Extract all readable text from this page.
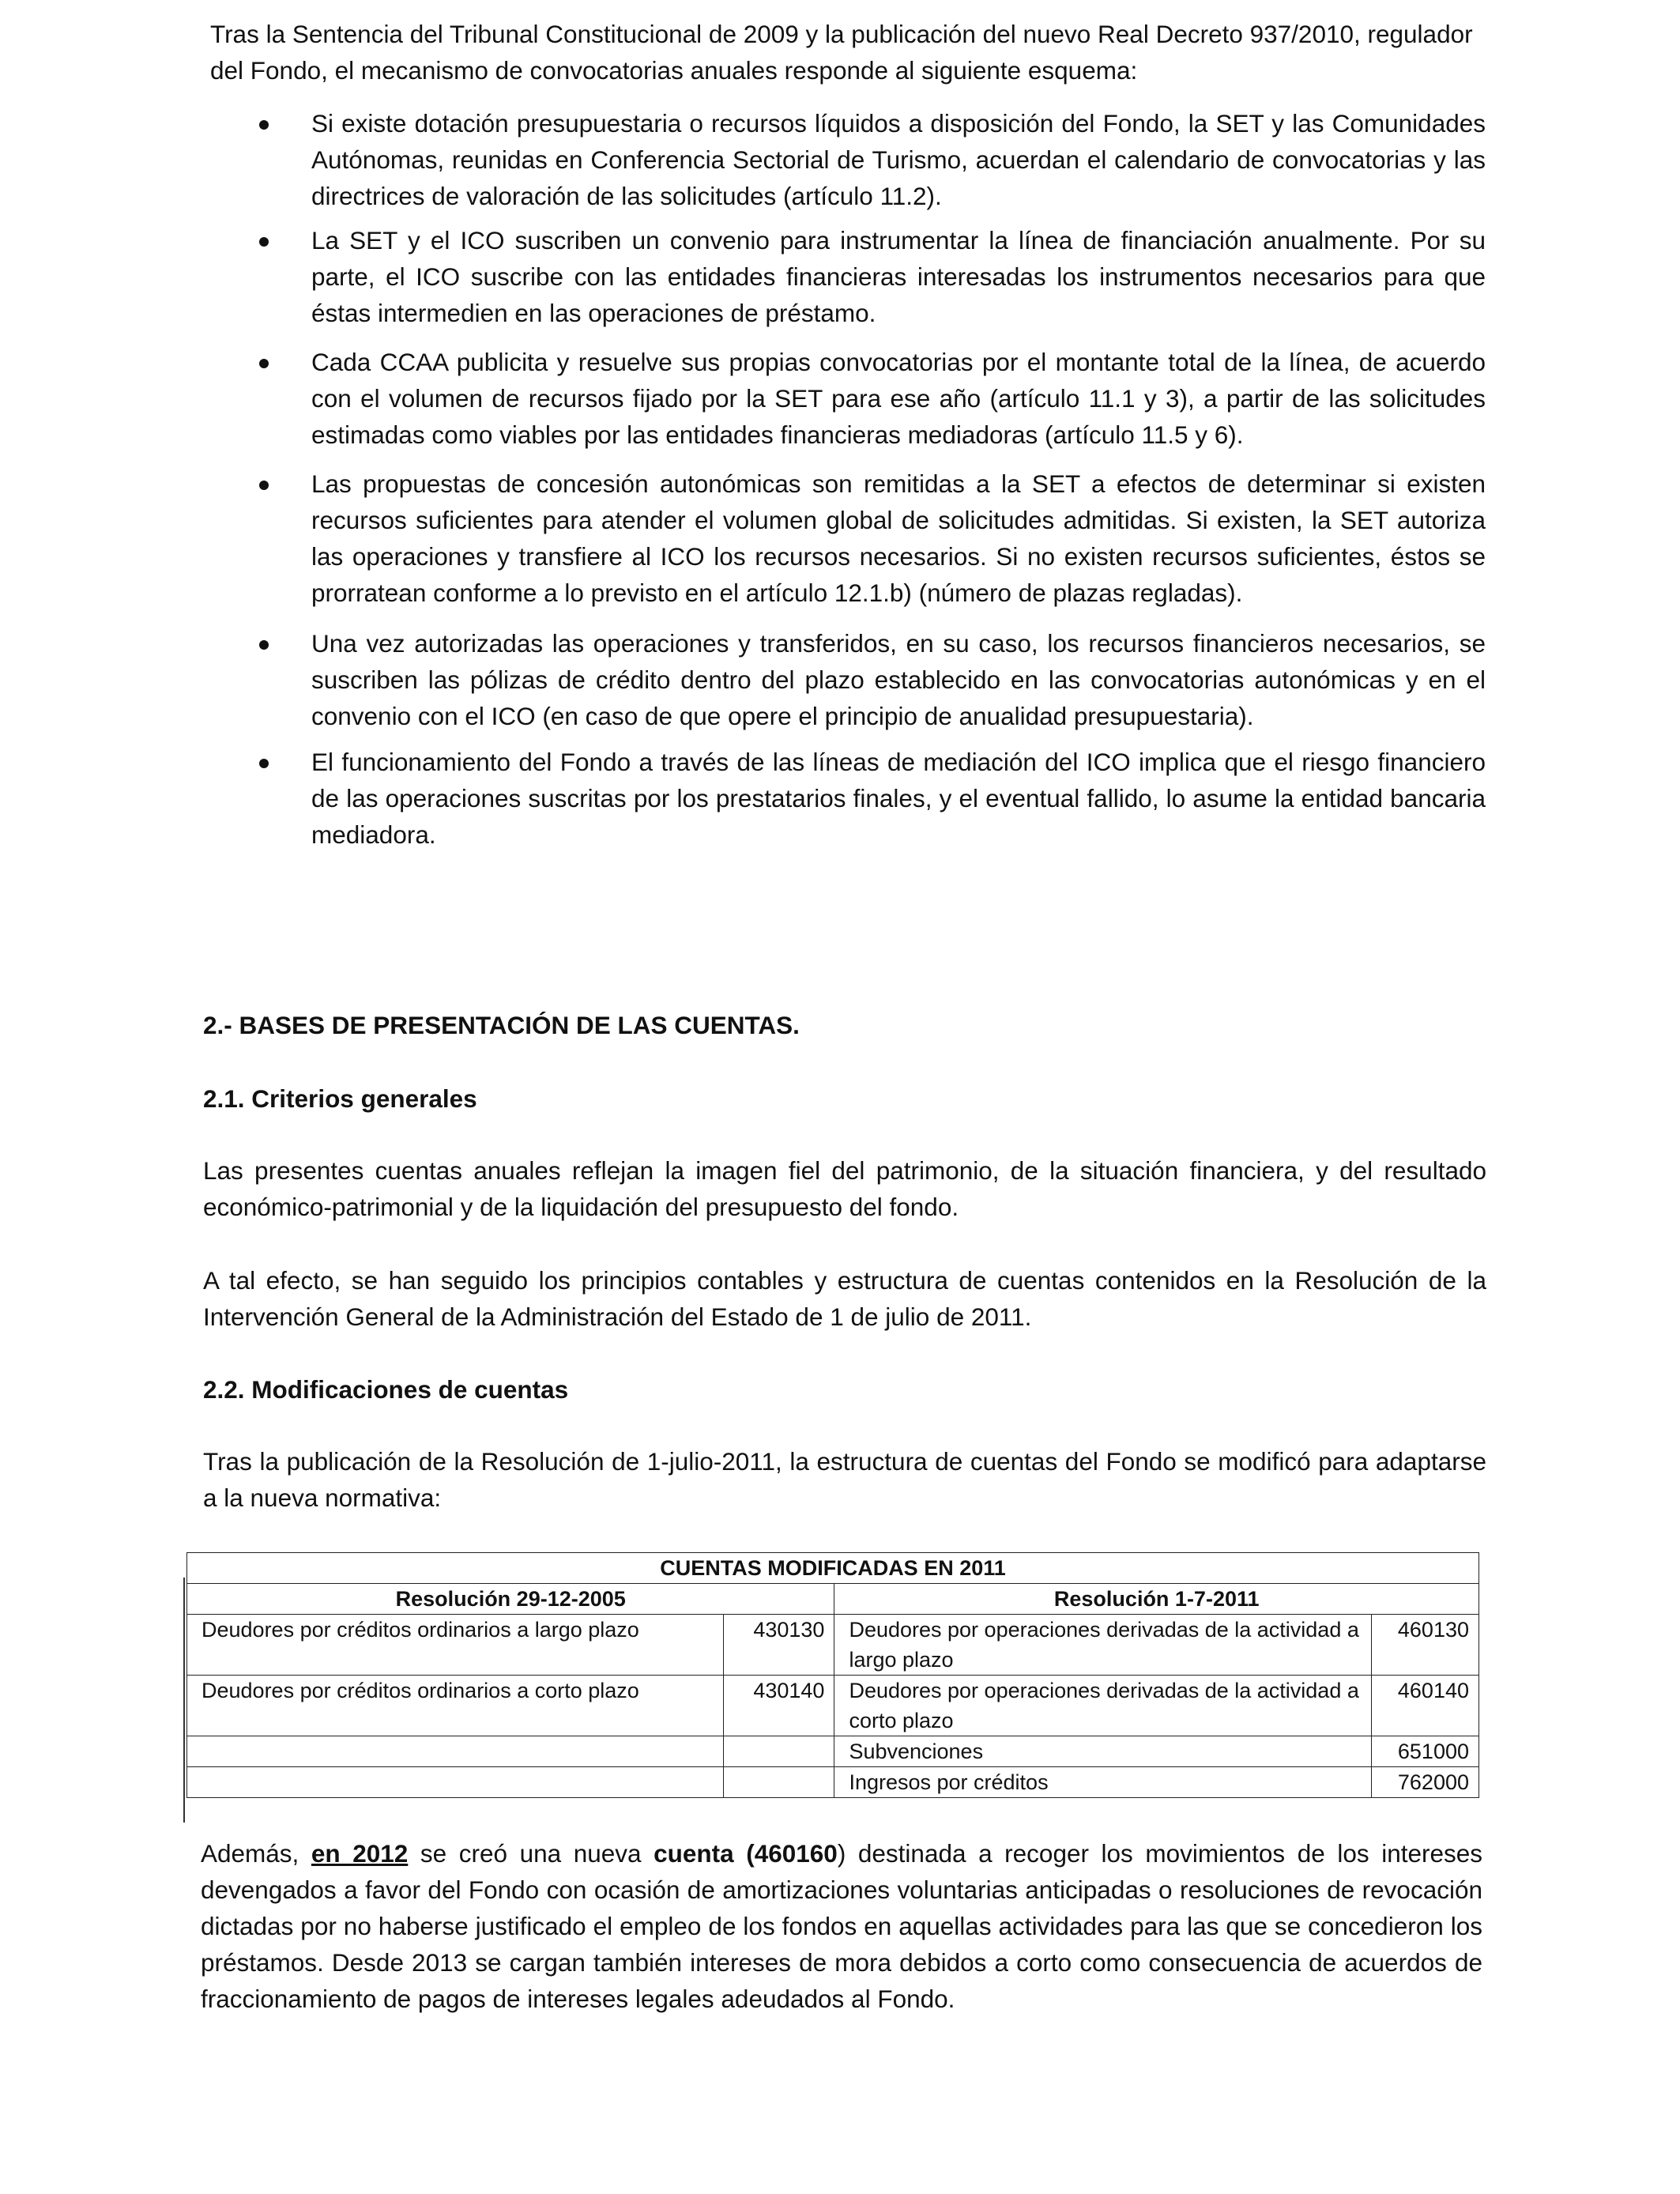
Tras la Sentencia del Tribunal Constitucional de 2009 y la publicación del nuevo Real Decreto 937/2010, regulador del Fondo, el mecanismo de convocatorias anuales responde al siguiente esquema:

Si existe dotación presupuestaria o recursos líquidos a disposición del Fondo, la SET y las Comunidades Autónomas, reunidas en Conferencia Sectorial de Turismo, acuerdan el calendario de convocatorias y las directrices de valoración de las solicitudes (artículo 11.2).
La SET y el ICO suscriben un convenio para instrumentar la línea de financiación anualmente. Por su parte, el ICO suscribe con las entidades financieras interesadas los instrumentos necesarios para que éstas intermedien en las operaciones de préstamo.
Cada CCAA publicita y resuelve sus propias convocatorias por el montante total de la línea, de acuerdo con el volumen de recursos fijado por la SET para ese año (artículo 11.1 y 3), a partir de las solicitudes estimadas como viables por las entidades financieras mediadoras (artículo 11.5 y 6).
Las propuestas de concesión autonómicas son remitidas a la SET a efectos de determinar si existen recursos suficientes para atender el volumen global de solicitudes admitidas. Si existen, la SET autoriza las operaciones y transfiere al ICO los recursos necesarios. Si no existen recursos suficientes, éstos se prorratean conforme a lo previsto en el artículo 12.1.b) (número de plazas regladas).
Una vez autorizadas las operaciones y transferidos, en su caso, los recursos financieros necesarios, se suscriben las pólizas de crédito dentro del plazo establecido en las convocatorias autonómicas y en el convenio con el ICO (en caso de que opere el principio de anualidad presupuestaria).
El funcionamiento del Fondo a través de las líneas de mediación del ICO implica que el riesgo financiero de las operaciones suscritas por los prestatarios finales, y el eventual fallido, lo asume la entidad bancaria mediadora.
2.- BASES DE PRESENTACIÓN DE LAS CUENTAS.
2.1. Criterios generales

Las presentes cuentas anuales reflejan la imagen fiel del patrimonio, de la situación financiera, y del resultado económico-patrimonial y de la liquidación del presupuesto del fondo.

A tal efecto, se han seguido los principios contables y estructura de cuentas contenidos en la Resolución de la Intervención General de la Administración del Estado de 1 de julio de 2011.

2.2. Modificaciones de cuentas

Tras la publicación de la Resolución de 1-julio-2011, la estructura de cuentas del Fondo se modificó para adaptarse a la nueva normativa:

CUENTAS MODIFICADAS EN 2011			
Resolución 29-12-2005		Resolución 1-7-2011	
Deudores por créditos ordinarios a largo plazo	430130	Deudores por operaciones derivadas de la actividad a largo plazo	460130
Deudores por créditos ordinarios a corto plazo	430140	Deudores por operaciones derivadas de la actividad a corto plazo	460140
		Subvenciones	651000
		Ingresos por créditos	762000

Además, en 2012 se creó una nueva cuenta (460160) destinada a recoger los movimientos de los intereses devengados a favor del Fondo con ocasión de amortizaciones voluntarias anticipadas o resoluciones de revocación dictadas por no haberse justificado el empleo de los fondos en aquellas actividades para las que se concedieron los préstamos. Desde 2013 se cargan también intereses de mora debidos a corto como consecuencia de acuerdos de fraccionamiento de pagos de intereses legales adeudados al Fondo.
